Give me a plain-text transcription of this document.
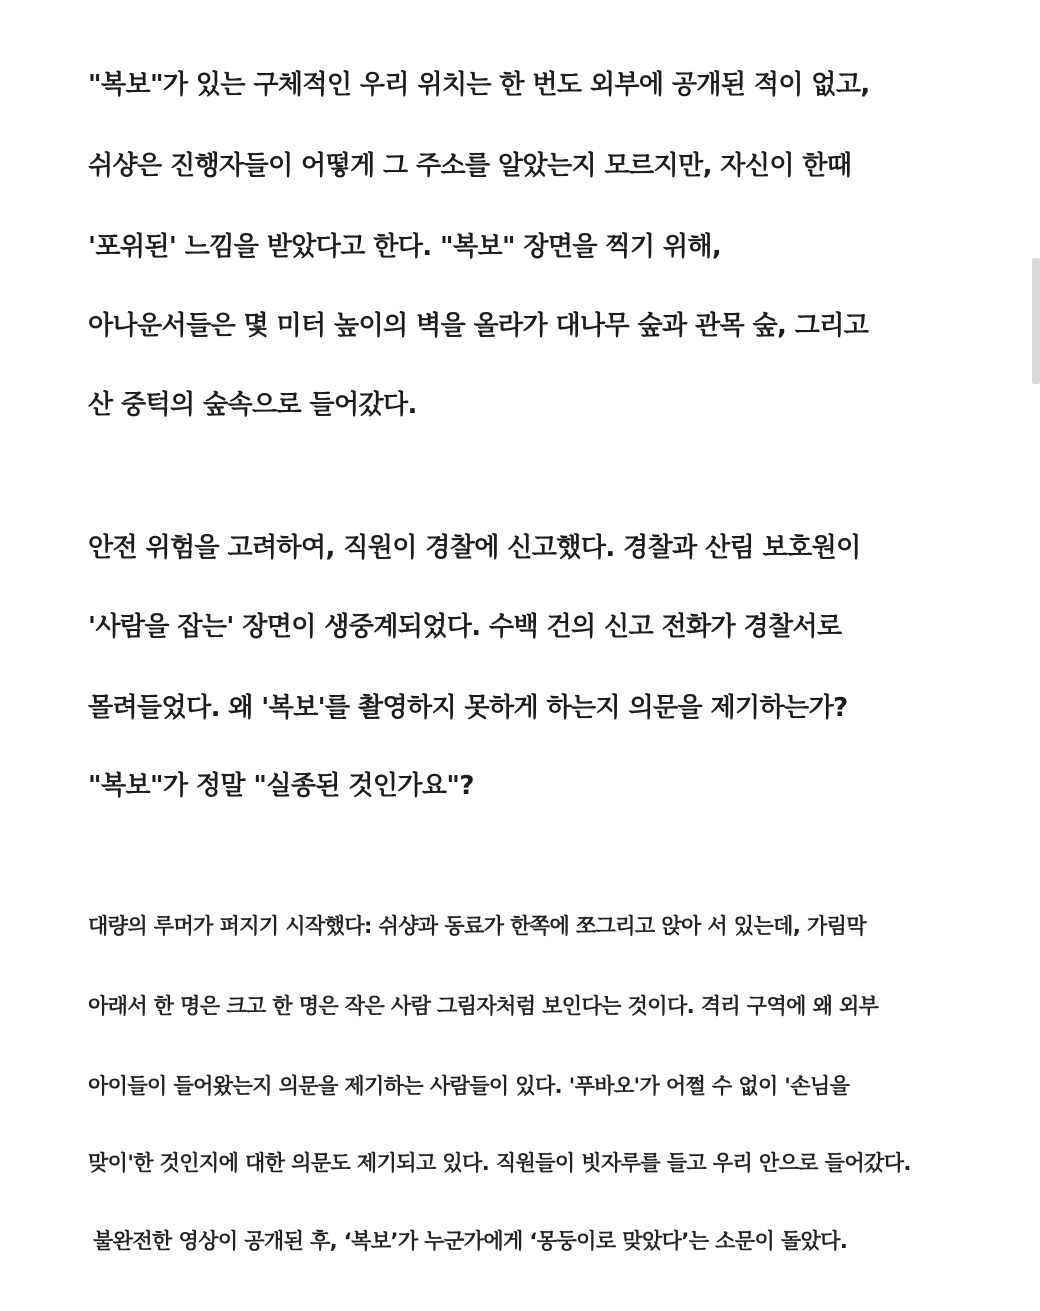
"복보"가 있는 구체적인 우리 위치는 한 번도 외부에 공개된 적이 없고,

쉬샹은 진행자들이 어떻게 그 주소를 알았는지 모르지만, 자신이 한때

'포위된' 느낌을 받았다고 한다. "복보" 장면을 찍기 위해,

아나운서들은 몇 미터 높이의 벽을 올라가 대나무 숲과 관목 숲, 그리고

산 중턱의 숲속으로 들어갔다.

안전 위험을 고려하여, 직원이 경찰에 신고했다. 경찰과 산림 보호원이

'사람을 잡는' 장면이 생중계되었다. 수백 건의 신고 전화가 경찰서로

몰려들었다. 왜 '복보'를 촬영하지 못하게 하는지 의문을 제기하는가?

"복보"가 정말 "실종된 것인가요"?

대량의 루머가 퍼지기 시작했다: 쉬샹과 동료가 한쪽에 쪼그리고 앉아 서 있는데, 가림막

아래서 한 명은 크고 한 명은 작은 사람 그림자처럼 보인다는 것이다. 격리 구역에 왜 외부

아이들이 들어왔는지 의문을 제기하는 사람들이 있다. '푸바오'가 어쩔 수 없이 '손님을

맞이'한 것인지에 대한 의문도 제기되고 있다. 직원들이 빗자루를 들고 우리 안으로 들어갔다.

불완전한 영상이 공개된 후, ‘복보’가 누군가에게 ‘몽둥이로 맞았다’는 소문이 돌았다.
